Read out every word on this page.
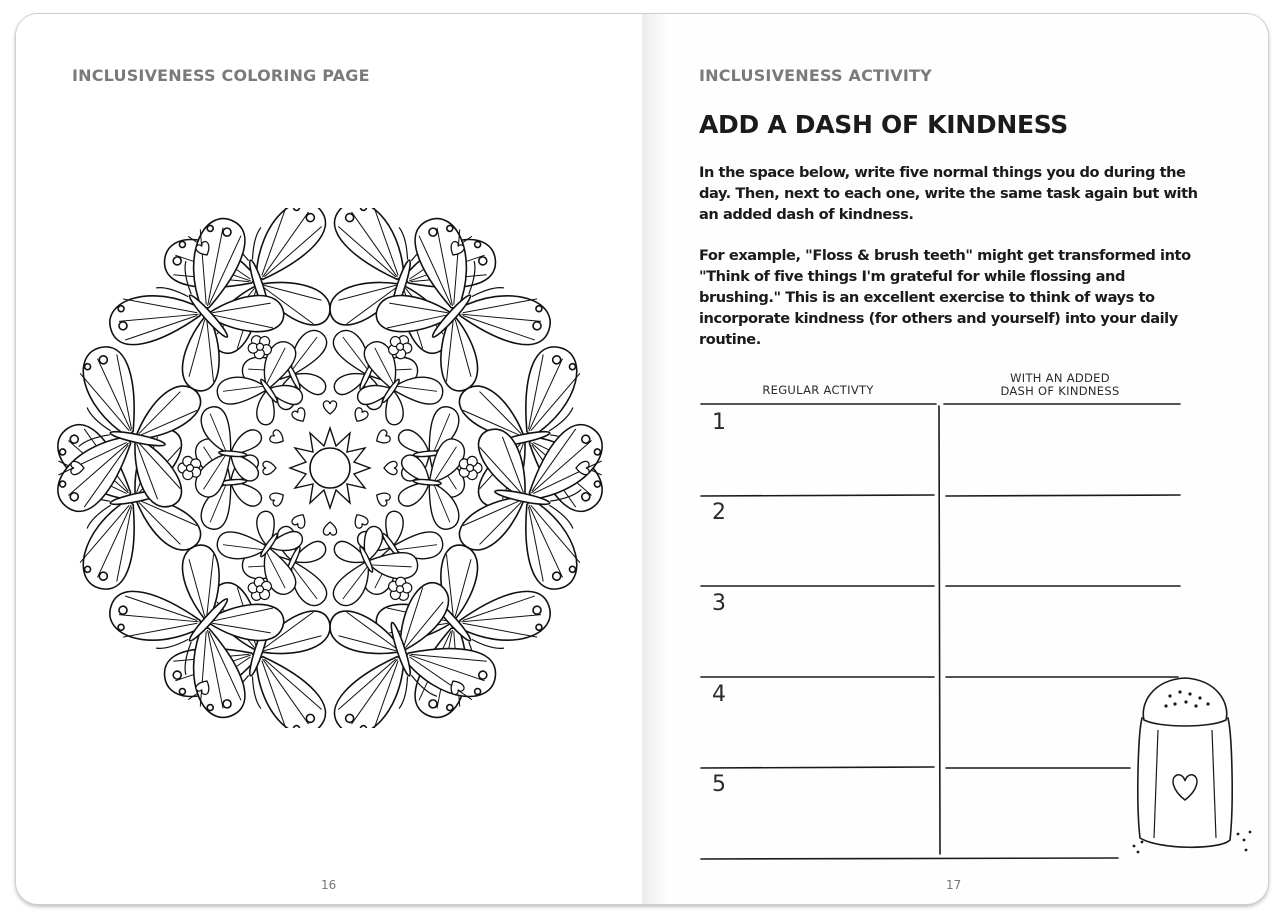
INCLUSIVENESS COLORING PAGE
16
INCLUSIVENESS ACTIVITY
ADD A DASH OF KINDNESS
In the space below, write five normal things you do during the day. Then, next to each one, write the same task again but with an added dash of kindness.
For example, "Floss & brush teeth" might get transformed into "Think of five things I'm grateful for while flossing and brushing." This is an excellent exercise to think of ways to incorporate kindness (for others and yourself) into your daily routine.
REGULAR ACTIVTY
WITH AN ADDED
DASH OF KINDNESS
1
2
3
4
5
17
